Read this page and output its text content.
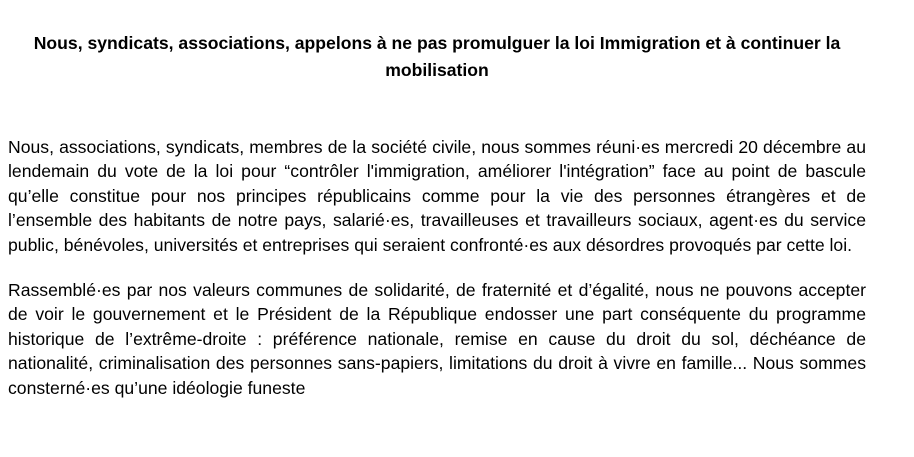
Nous, syndicats, associations, appelons à ne pas promulguer la loi Immigration et à continuer la mobilisation

Nous, associations, syndicats, membres de la société civile, nous sommes réuni·es mercredi 20 décembre au lendemain du vote de la loi pour “contrôler l'immigration, améliorer l'intégration” face au point de bascule qu’elle constitue pour nos principes républicains comme pour la vie des personnes étrangères et de l’ensemble des habitants de notre pays, salarié·es, travailleuses et travailleurs sociaux, agent·es du service public, bénévoles, universités et entreprises qui seraient confronté·es aux désordres provoqués par cette loi.

Rassemblé·es par nos valeurs communes de solidarité, de fraternité et d’égalité, nous ne pouvons accepter de voir le gouvernement et le Président de la République endosser une part conséquente du programme historique de l’extrême-droite : préférence nationale, remise en cause du droit du sol, déchéance de nationalité, criminalisation des personnes sans-papiers, limitations du droit à vivre en famille... Nous sommes consterné·es qu’une idéologie funeste
